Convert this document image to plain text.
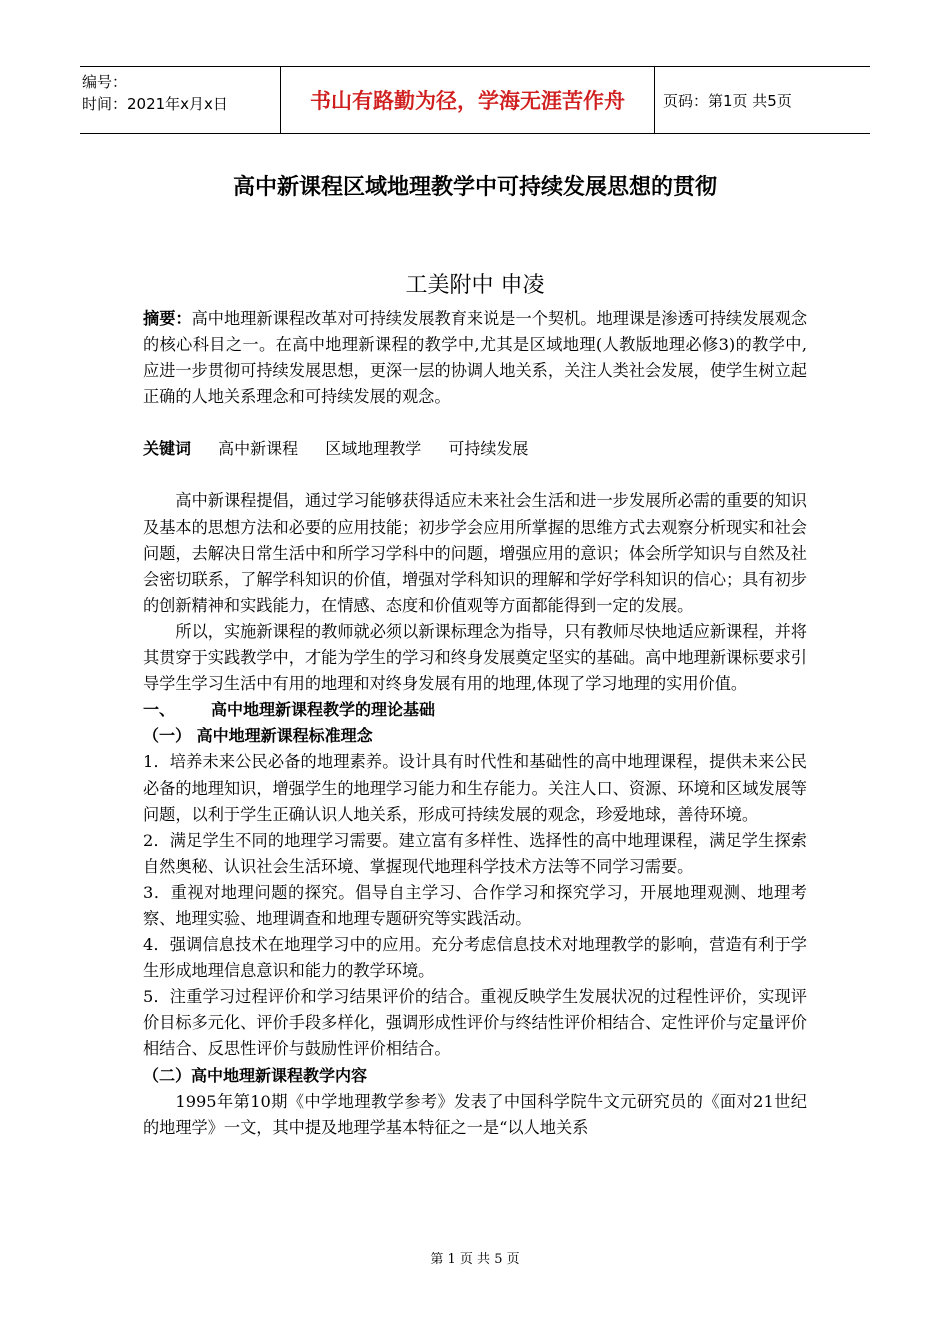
编号：
时间：2021年x月x日	书山有路勤为径，学海无涯苦作舟	页码：第1页 共5页
高中新课程区域地理教学中可持续发展思想的贯彻
工美附中 申凌

摘要：高中地理新课程改革对可持续发展教育来说是一个契机。地理课是渗透可持续发展观念的核心科目之一。在高中地理新课程的教学中,尤其是区域地理(人教版地理必修3)的教学中,应进一步贯彻可持续发展思想，更深一层的协调人地关系，关注人类社会发展，使学生树立起正确的人地关系理念和可持续发展的观念。

关键词 高中新课程 区域地理教学 可持续发展

高中新课程提倡，通过学习能够获得适应未来社会生活和进一步发展所必需的重要的知识及基本的思想方法和必要的应用技能；初步学会应用所掌握的思维方式去观察分析现实和社会问题，去解决日常生活中和所学习学科中的问题，增强应用的意识；体会所学知识与自然及社会密切联系，了解学科知识的价值，增强对学科知识的理解和学好学科知识的信心；具有初步的创新精神和实践能力，在情感、态度和价值观等方面都能得到一定的发展。

所以，实施新课程的教师就必须以新课标理念为指导，只有教师尽快地适应新课程，并将其贯穿于实践教学中，才能为学生的学习和终身发展奠定坚实的基础。高中地理新课标要求引导学生学习生活中有用的地理和对终身发展有用的地理,体现了学习地理的实用价值。

一、 高中地理新课程教学的理论基础

（一） 高中地理新课程标准理念

1．培养未来公民必备的地理素养。设计具有时代性和基础性的高中地理课程，提供未来公民必备的地理知识，增强学生的地理学习能力和生存能力。关注人口、资源、环境和区域发展等问题，以利于学生正确认识人地关系，形成可持续发展的观念，珍爱地球，善待环境。

2．满足学生不同的地理学习需要。建立富有多样性、选择性的高中地理课程，满足学生探索自然奥秘、认识社会生活环境、掌握现代地理科学技术方法等不同学习需要。

3．重视对地理问题的探究。倡导自主学习、合作学习和探究学习，开展地理观测、地理考察、地理实验、地理调查和地理专题研究等实践活动。

4．强调信息技术在地理学习中的应用。充分考虑信息技术对地理教学的影响，营造有利于学生形成地理信息意识和能力的教学环境。

5．注重学习过程评价和学习结果评价的结合。重视反映学生发展状况的过程性评价，实现评价目标多元化、评价手段多样化，强调形成性评价与终结性评价相结合、定性评价与定量评价相结合、反思性评价与鼓励性评价相结合。

（二）高中地理新课程教学内容

1995年第10期《中学地理教学参考》发表了中国科学院牛文元研究员的《面对21世纪的地理学》一文，其中提及地理学基本特征之一是“以人地关系

第 1 页 共 5 页
